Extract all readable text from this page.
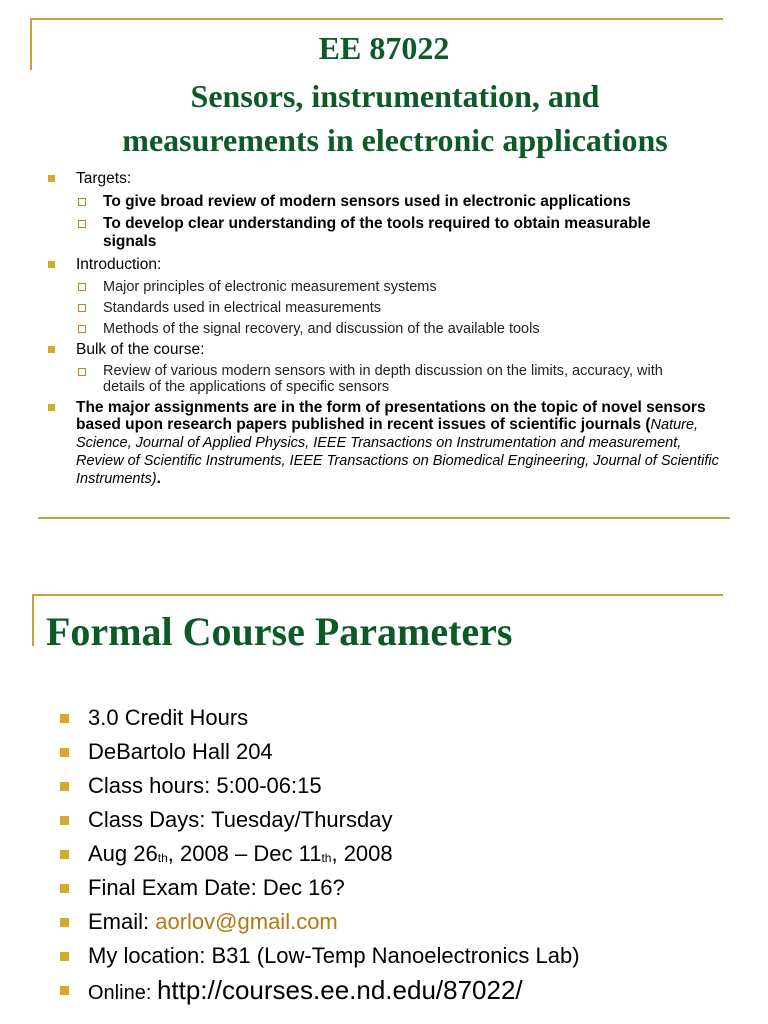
EE 87022
Sensors, instrumentation, and
measurements in electronic applications
Targets:
To give broad review of modern sensors used in electronic applications
To develop clear understanding of the tools required to obtain measurable signals
Introduction:
Major principles of electronic measurement systems
Standards used in electrical measurements
Methods of the signal recovery, and discussion of the available tools
Bulk of the course:
Review of various modern sensors with in depth discussion on the limits, accuracy, with details of the applications of specific sensors
The major assignments are in the form of presentations on the topic of novel sensors based upon research papers published in recent issues of scientific journals (Nature, Science, Journal of Applied Physics, IEEE Transactions on Instrumentation and measurement, Review of Scientific Instruments, IEEE Transactions on Biomedical Engineering, Journal of Scientific Instruments).
Formal Course Parameters
3.0 Credit Hours
DeBartolo Hall 204
Class hours: 5:00-06:15
Class Days: Tuesday/Thursday
Aug 26th, 2008 – Dec 11th, 2008
Final Exam Date: Dec 16?
Email: aorlov@gmail.com
My location: B31 (Low-Temp Nanoelectronics Lab)
Online: http://courses.ee.nd.edu/87022/
